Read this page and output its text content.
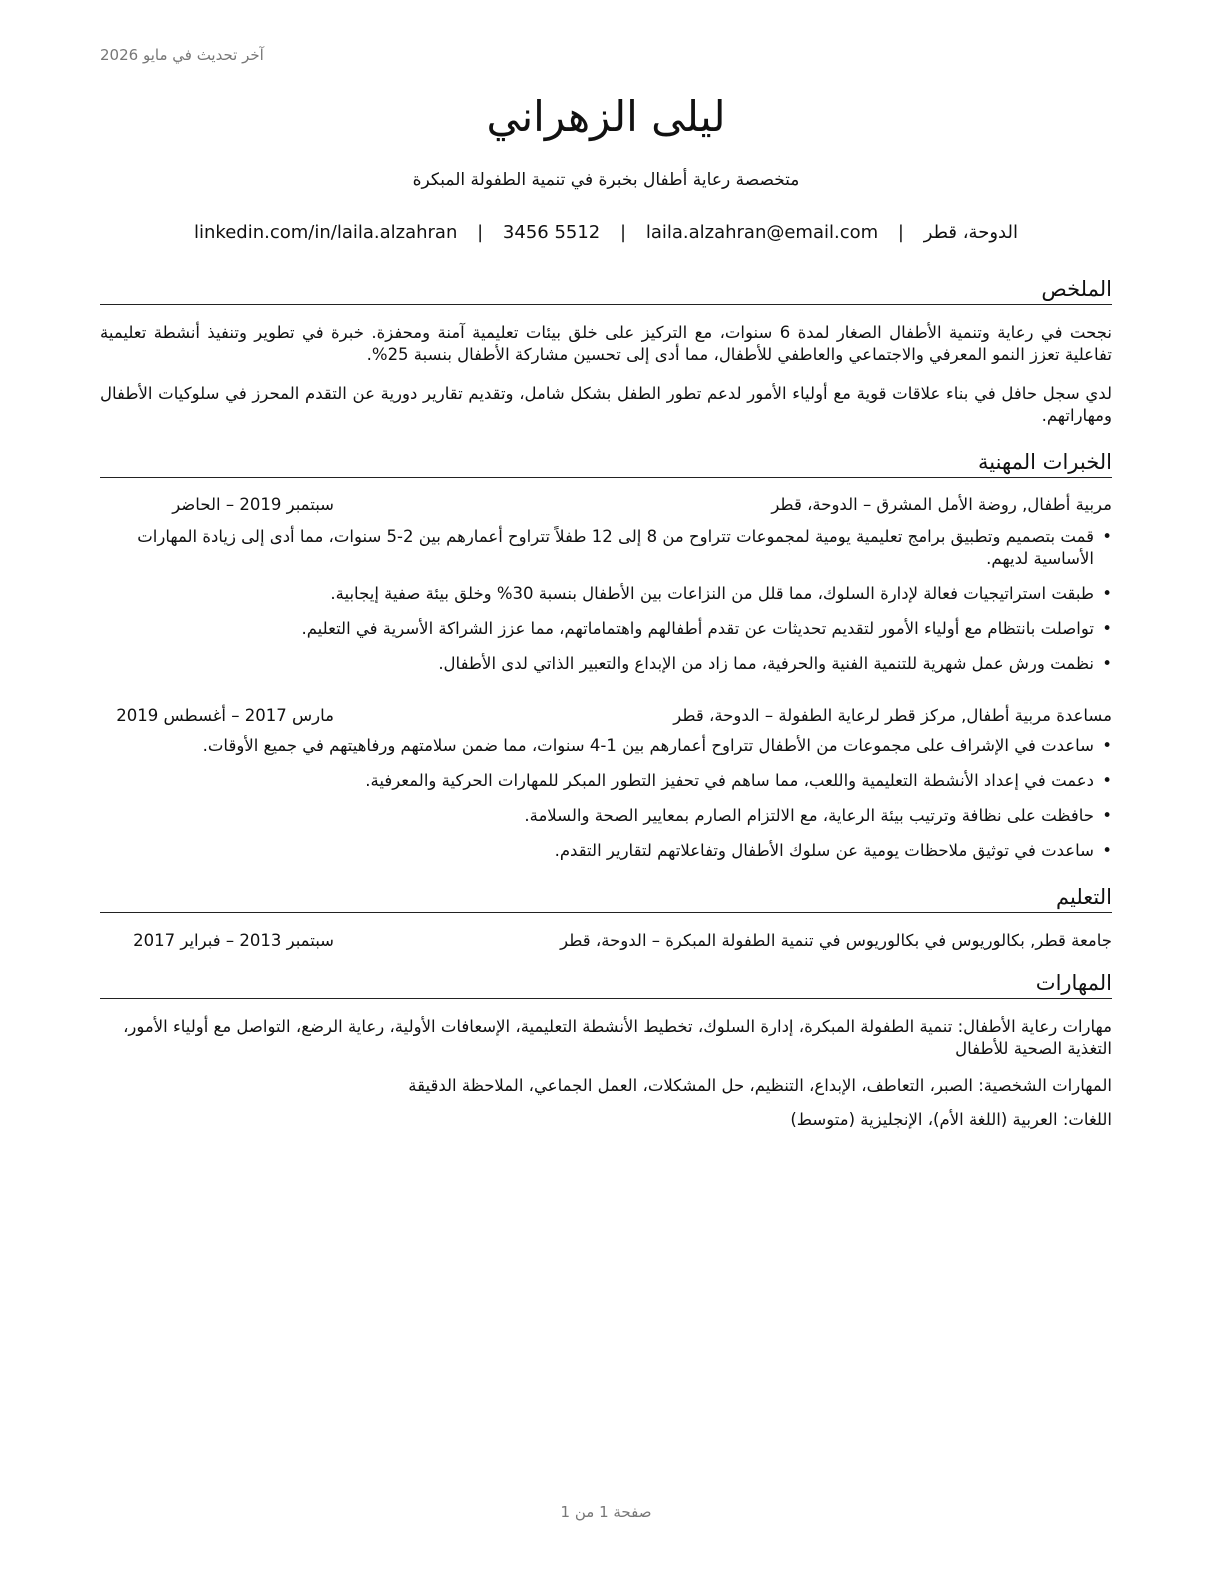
آخر تحديث في مايو 2026
ليلى الزهراني
متخصصة رعاية أطفال بخبرة في تنمية الطفولة المبكرة
الدوحة، قطر | laila.alzahran@email.com | 3456 5512 | linkedin.com/in/laila.alzahran
الملخص
نجحت في رعاية وتنمية الأطفال الصغار لمدة 6 سنوات، مع التركيز على خلق بيئات تعليمية آمنة ومحفزة. خبرة في تطوير وتنفيذ أنشطة تعليمية تفاعلية تعزز النمو المعرفي والاجتماعي والعاطفي للأطفال، مما أدى إلى تحسين مشاركة الأطفال بنسبة 25%.
لدي سجل حافل في بناء علاقات قوية مع أولياء الأمور لدعم تطور الطفل بشكل شامل، وتقديم تقارير دورية عن التقدم المحرز في سلوكيات الأطفال ومهاراتهم.
الخبرات المهنية
مربية أطفال, روضة الأمل المشرق – الدوحة، قطر
سبتمبر 2019 – الحاضر
•
قمت بتصميم وتطبيق برامج تعليمية يومية لمجموعات تتراوح من 8 إلى 12 طفلاً تتراوح أعمارهم بين 2-5 سنوات، مما أدى إلى زيادة المهارات الأساسية لديهم.
•
طبقت استراتيجيات فعالة لإدارة السلوك، مما قلل من النزاعات بين الأطفال بنسبة 30% وخلق بيئة صفية إيجابية.
•
تواصلت بانتظام مع أولياء الأمور لتقديم تحديثات عن تقدم أطفالهم واهتماماتهم، مما عزز الشراكة الأسرية في التعليم.
•
نظمت ورش عمل شهرية للتنمية الفنية والحرفية، مما زاد من الإبداع والتعبير الذاتي لدى الأطفال.
مساعدة مربية أطفال, مركز قطر لرعاية الطفولة – الدوحة، قطر
مارس 2017 – أغسطس 2019
•
ساعدت في الإشراف على مجموعات من الأطفال تتراوح أعمارهم بين 1-4 سنوات، مما ضمن سلامتهم ورفاهيتهم في جميع الأوقات.
•
دعمت في إعداد الأنشطة التعليمية واللعب، مما ساهم في تحفيز التطور المبكر للمهارات الحركية والمعرفية.
•
حافظت على نظافة وترتيب بيئة الرعاية، مع الالتزام الصارم بمعايير الصحة والسلامة.
•
ساعدت في توثيق ملاحظات يومية عن سلوك الأطفال وتفاعلاتهم لتقارير التقدم.
التعليم
جامعة قطر, بكالوريوس في بكالوريوس في تنمية الطفولة المبكرة – الدوحة، قطر
سبتمبر 2013 – فبراير 2017
المهارات
مهارات رعاية الأطفال: تنمية الطفولة المبكرة، إدارة السلوك، تخطيط الأنشطة التعليمية، الإسعافات الأولية، رعاية الرضع، التواصل مع أولياء الأمور، التغذية الصحية للأطفال
المهارات الشخصية: الصبر، التعاطف، الإبداع، التنظيم، حل المشكلات، العمل الجماعي، الملاحظة الدقيقة
اللغات: العربية (اللغة الأم)، الإنجليزية (متوسط)
صفحة 1 من 1
